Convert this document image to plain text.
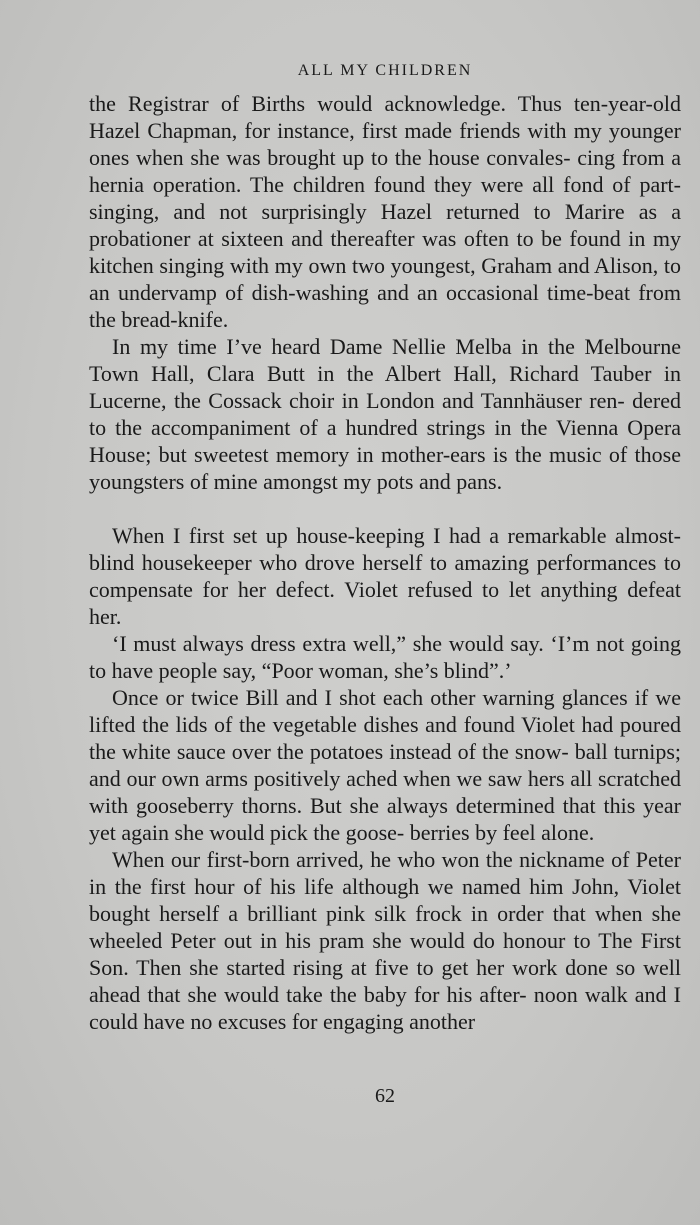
ALL MY CHILDREN

the Registrar of Births would acknowledge. Thus ten-year-old Hazel Chapman, for instance, first made friends with my younger ones when she was brought up to the house convales- cing from a hernia operation. The children found they were all fond of part-singing, and not surprisingly Hazel returned to Marire as a probationer at sixteen and thereafter was often to be found in my kitchen singing with my own two youngest, Graham and Alison, to an undervamp of dish-washing and an occasional time-beat from the bread-knife.

In my time I’ve heard Dame Nellie Melba in the Melbourne Town Hall, Clara Butt in the Albert Hall, Richard Tauber in Lucerne, the Cossack choir in London and Tannhäuser ren- dered to the accompaniment of a hundred strings in the Vienna Opera House; but sweetest memory in mother-ears is the music of those youngsters of mine amongst my pots and pans.

When I first set up house-keeping I had a remarkable almost- blind housekeeper who drove herself to amazing performances to compensate for her defect. Violet refused to let anything defeat her.

‘I must always dress extra well,” she would say. ‘I’m not going to have people say, “Poor woman, she’s blind”.’

Once or twice Bill and I shot each other warning glances if we lifted the lids of the vegetable dishes and found Violet had poured the white sauce over the potatoes instead of the snow- ball turnips; and our own arms positively ached when we saw hers all scratched with gooseberry thorns. But she always determined that this year yet again she would pick the goose- berries by feel alone.

When our first-born arrived, he who won the nickname of Peter in the first hour of his life although we named him John, Violet bought herself a brilliant pink silk frock in order that when she wheeled Peter out in his pram she would do honour to The First Son. Then she started rising at five to get her work done so well ahead that she would take the baby for his after- noon walk and I could have no excuses for engaging another

62
